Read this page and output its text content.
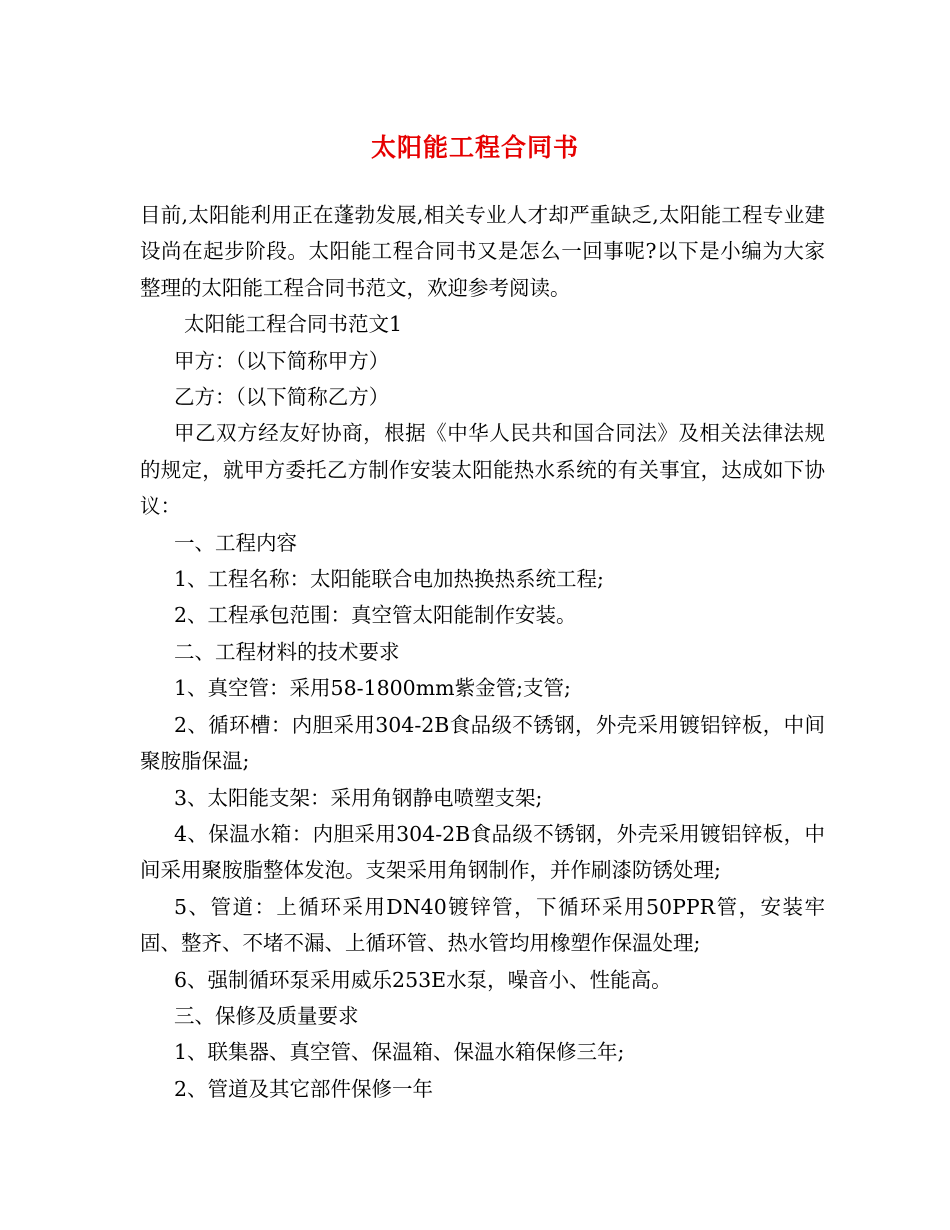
太阳能工程合同书

目前,太阳能利用正在蓬勃发展,相关专业人才却严重缺乏,太阳能工程专业建设尚在起步阶段。太阳能工程合同书又是怎么一回事呢?以下是小编为大家整理的太阳能工程合同书范文，欢迎参考阅读。

太阳能工程合同书范文1

甲方：（以下简称甲方）

乙方：（以下简称乙方）

甲乙双方经友好协商，根据《中华人民共和国合同法》及相关法律法规的规定，就甲方委托乙方制作安装太阳能热水系统的有关事宜，达成如下协议：

一、工程内容

1、工程名称：太阳能联合电加热换热系统工程;

2、工程承包范围：真空管太阳能制作安装。

二、工程材料的技术要求

1、真空管：采用58-1800mm紫金管;支管;

2、循环槽：内胆采用304-2B食品级不锈钢，外壳采用镀铝锌板，中间聚胺脂保温;

3、太阳能支架：采用角钢静电喷塑支架;

4、保温水箱：内胆采用304-2B食品级不锈钢，外壳采用镀铝锌板，中间采用聚胺脂整体发泡。支架采用角钢制作，并作刷漆防锈处理;

5、管道：上循环采用DN40镀锌管，下循环采用50PPR管，安装牢固、整齐、不堵不漏、上循环管、热水管均用橡塑作保温处理;

6、强制循环泵采用威乐253E水泵，噪音小、性能高。

三、保修及质量要求

1、联集器、真空管、保温箱、保温水箱保修三年;

2、管道及其它部件保修一年
